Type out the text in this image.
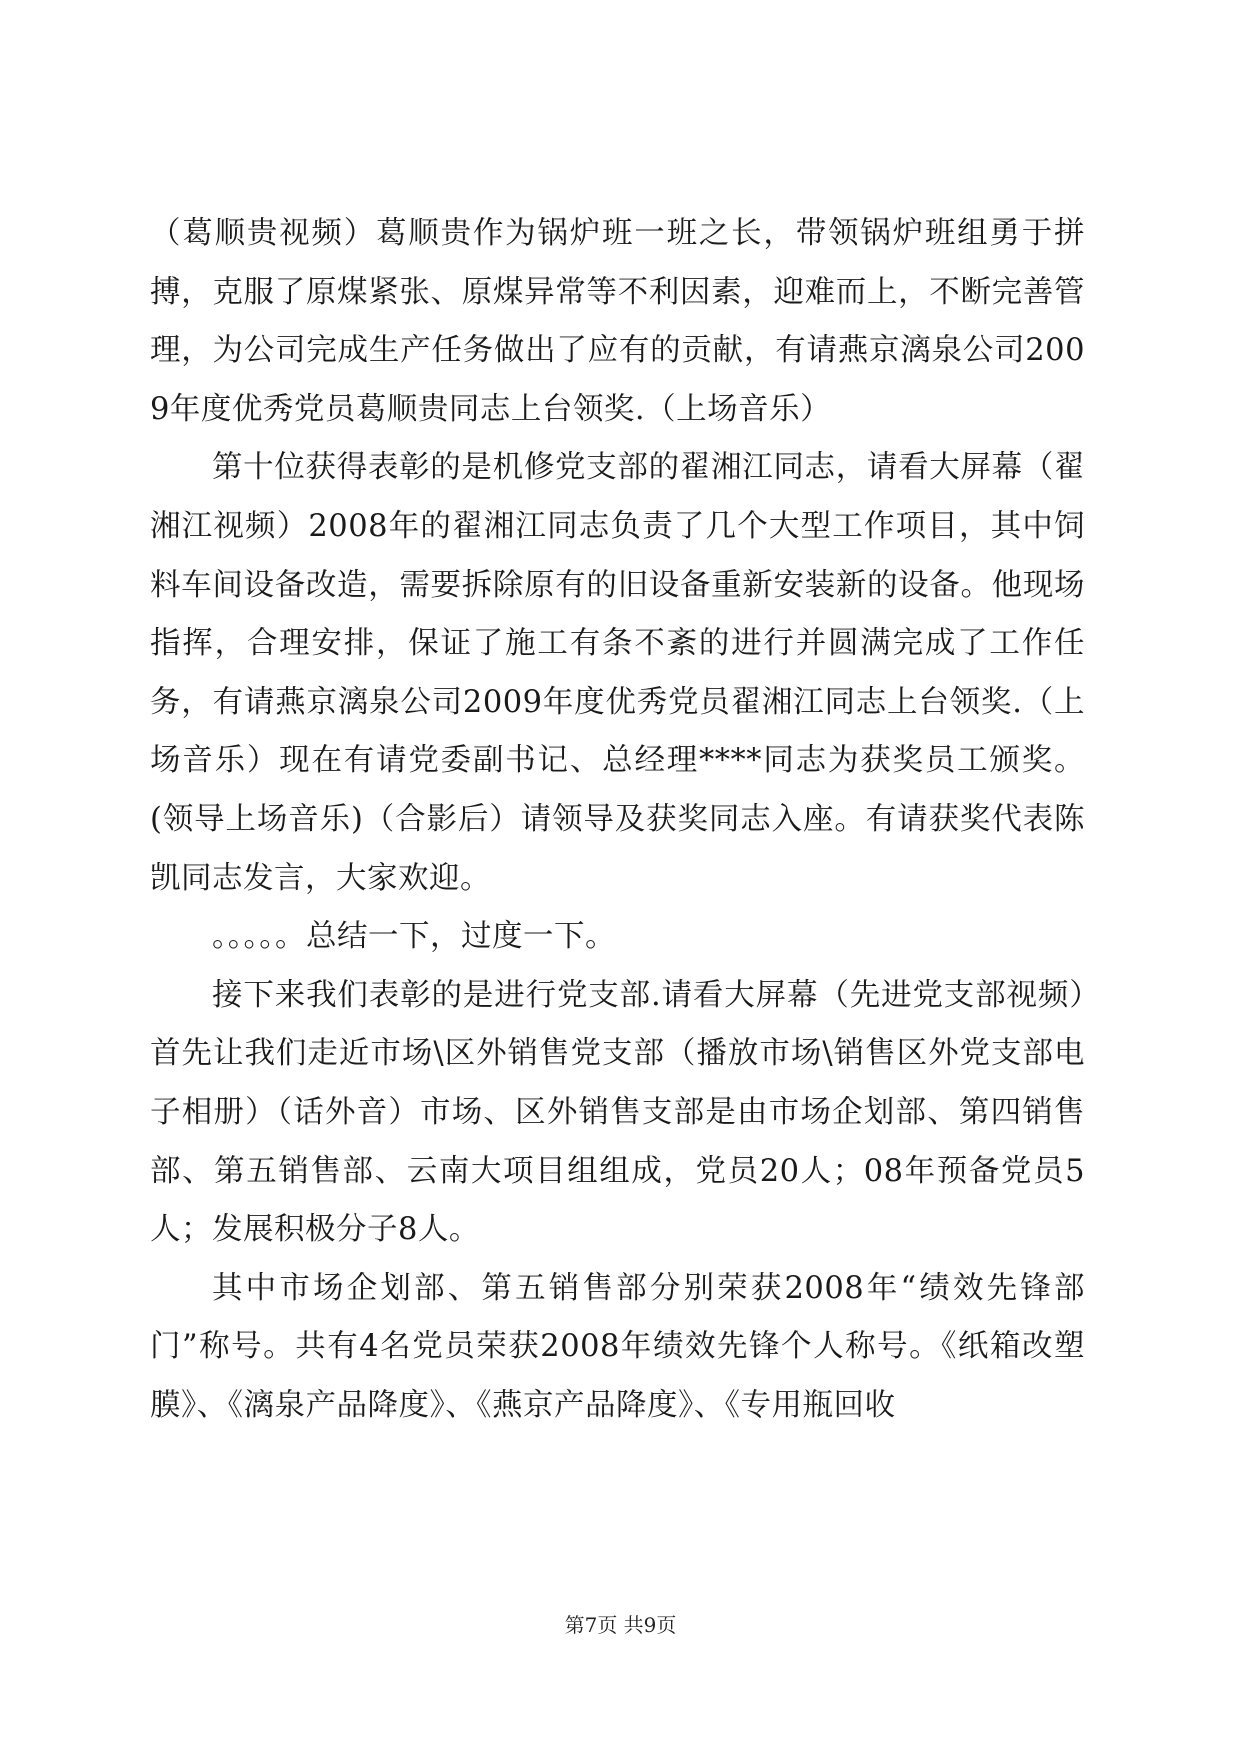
（葛顺贵视频）葛顺贵作为锅炉班一班之长，带领锅炉班组勇于拼搏，克服了原煤紧张、原煤异常等不利因素，迎难而上，不断完善管理，为公司完成生产任务做出了应有的贡献，有请燕京漓泉公司2009年度优秀党员葛顺贵同志上台领奖.（上场音乐）

第十位获得表彰的是机修党支部的翟湘江同志，请看大屏幕（翟湘江视频）2008年的翟湘江同志负责了几个大型工作项目，其中饲料车间设备改造，需要拆除原有的旧设备重新安装新的设备。他现场指挥，合理安排，保证了施工有条不紊的进行并圆满完成了工作任务，有请燕京漓泉公司2009年度优秀党员翟湘江同志上台领奖.（上场音乐）现在有请党委副书记、总经理****同志为获奖员工颁奖。(领导上场音乐)（合影后）请领导及获奖同志入座。有请获奖代表陈凯同志发言，大家欢迎。

。。。。。总结一下，过度一下。

接下来我们表彰的是进行党支部.请看大屏幕（先进党支部视频）首先让我们走近市场\区外销售党支部（播放市场\销售区外党支部电子相册）（话外音）市场、区外销售支部是由市场企划部、第四销售部、第五销售部、云南大项目组组成，党员20人；08年预备党员5人；发展积极分子8人。

其中市场企划部、第五销售部分别荣获2008年“绩效先锋部门”称号。共有4名党员荣获2008年绩效先锋个人称号。《纸箱改塑膜》、《漓泉产品降度》、《燕京产品降度》、《专用瓶回收

第7页 共9页
